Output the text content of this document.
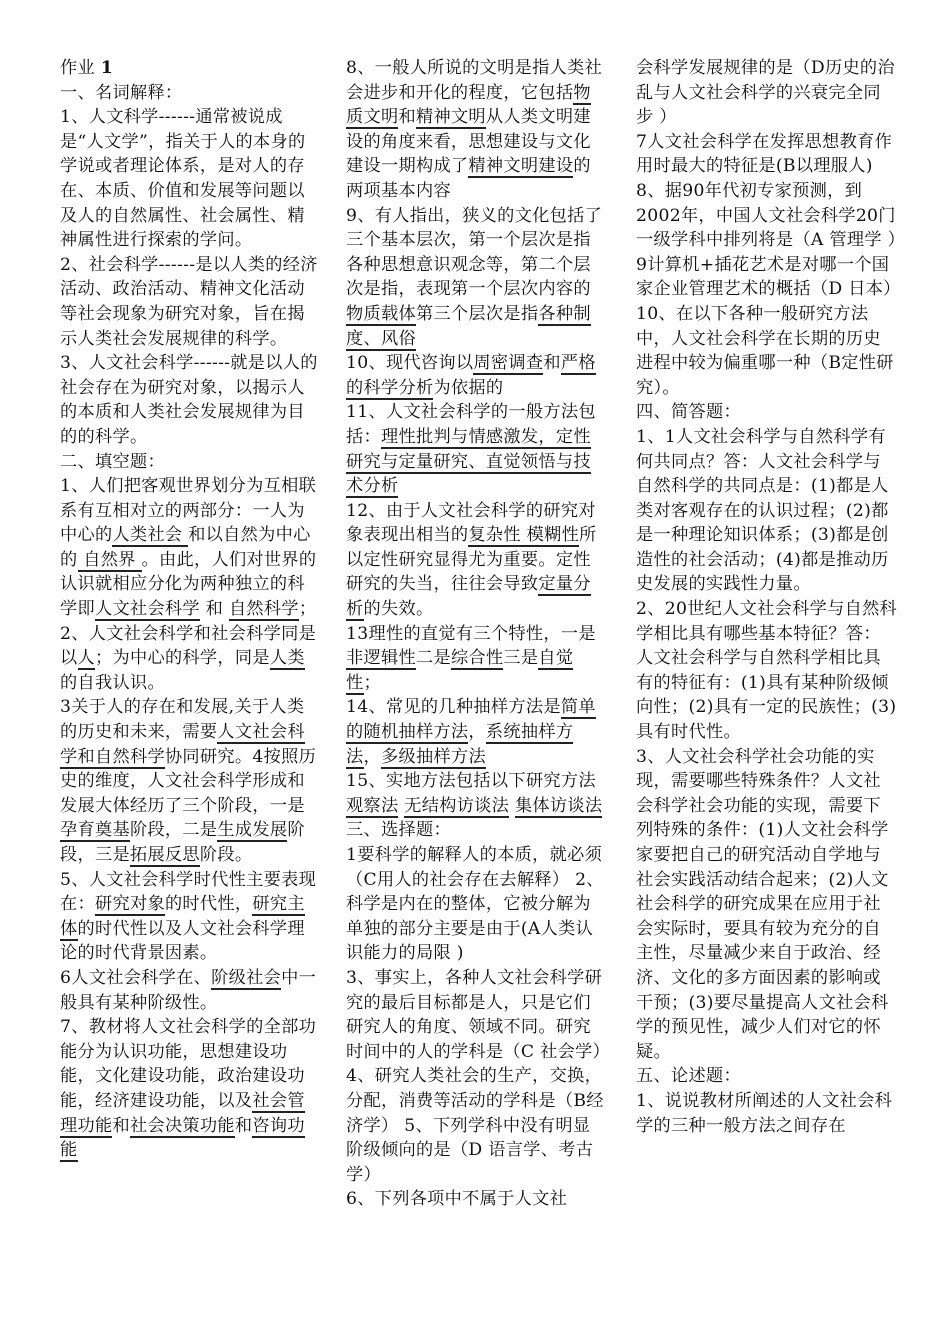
作业 1

一、名词解释：

1、人文科学------通常被说成是“人文学”，指关于人的本身的学说或者理论体系，是对人的存在、本质、价值和发展等问题以及人的自然属性、社会属性、精神属性进行探索的学问。

2、社会科学------是以人类的经济活动、政治活动、精神文化活动等社会现象为研究对象，旨在揭示人类社会发展规律的科学。

3、人文社会科学------就是以人的社会存在为研究对象，以揭示人的本质和人类社会发展规律为目的的科学。

二、填空题：

1、人们把客观世界划分为互相联系有互相对立的两部分：一人为中心的人类社会 和以自然为中心的 自然界 。由此，人们对世界的认识就相应分化为两种独立的科学即人文社会科学 和 自然科学；

2、人文社会科学和社会科学同是以人；为中心的科学，同是人类的自我认识。

3关于人的存在和发展,关于人类的历史和未来，需要人文社会科学和自然科学协同研究。4按照历史的维度，人文社会科学形成和发展大体经历了三个阶段，一是孕育奠基阶段，二是生成发展阶段，三是拓展反思阶段。

5、人文社会科学时代性主要表现在：研究对象的时代性，研究主体的时代性以及人文社会科学理论的时代背景因素。

6人文社会科学在、阶级社会中一般具有某种阶级性。

7、教材将人文社会科学的全部功能分为认识功能，思想建设功能，文化建设功能，政治建设功能，经济建设功能，以及社会管理功能和社会决策功能和咨询功能

8、一般人所说的文明是指人类社会进步和开化的程度，它包括物质文明和精神文明从人类文明建设的角度来看，思想建设与文化建设一期构成了精神文明建设的两项基本内容

9、有人指出，狭义的文化包括了三个基本层次，第一个层次是指各种思想意识观念等，第二个层次是指，表现第一个层次内容的物质载体第三个层次是指各种制度、风俗

10、现代咨询以周密调查和严格的科学分析为依据的

11、人文社会科学的一般方法包括：理性批判与情感激发，定性研究与定量研究、直觉领悟与技术分析

12、由于人文社会科学的研究对象表现出相当的复杂性 模糊性所以定性研究显得尤为重要。定性研究的失当，往往会导致定量分析的失效。

13理性的直觉有三个特性，一是非逻辑性二是综合性三是自觉性；

14、常见的几种抽样方法是简单的随机抽样方法，系统抽样方法，多级抽样方法

15、实地方法包括以下研究方法观察法 无结构访谈法 集体访谈法

三、选择题：

1要科学的解释人的本质，就必须（C用人的社会存在去解释） 2、科学是内在的整体，它被分解为单独的部分主要是由于(A人类认识能力的局限 )

3、事实上，各种人文社会科学研究的最后目标都是人，只是它们研究人的角度、领域不同。研究时间中的人的学科是（C 社会学）

4、研究人类社会的生产，交换，分配，消费等活动的学科是（B经济学） 5、下列学科中没有明显阶级倾向的是（D 语言学、考古学）

6、下列各项中不属于人文社

会科学发展规律的是（D历史的治乱与人文社会科学的兴衰完全同步 ）

7人文社会科学在发挥思想教育作用时最大的特征是(B以理服人)

8、据90年代初专家预测，到2002年，中国人文社会科学20门一级学科中排列将是（A 管理学 ）

9计算机+插花艺术是对哪一个国家企业管理艺术的概括（D 日本）

10、在以下各种一般研究方法中，人文社会科学在长期的历史进程中较为偏重哪一种（B定性研究）。

四、简答题：

1、1人文社会科学与自然科学有何共同点？答：人文社会科学与自然科学的共同点是：(1)都是人类对客观存在的认识过程；(2)都是一种理论知识体系；(3)都是创造性的社会活动；(4)都是推动历史发展的实践性力量。

2、20世纪人文社会科学与自然科学相比具有哪些基本特征？答：人文社会科学与自然科学相比具有的特征有：(1)具有某种阶级倾向性；(2)具有一定的民族性；(3)具有时代性。

3、人文社会科学社会功能的实现，需要哪些特殊条件？人文社会科学社会功能的实现，需要下列特殊的条件：(1)人文社会科学家要把自己的研究活动自学地与社会实践活动结合起来；(2)人文社会科学的研究成果在应用于社会实际时，要具有较为充分的自主性，尽量减少来自于政治、经济、文化的多方面因素的影响或干预；(3)要尽量提高人文社会科学的预见性，减少人们对它的怀疑。

五、论述题：

1、说说教材所阐述的人文社会科学的三种一般方法之间存在
